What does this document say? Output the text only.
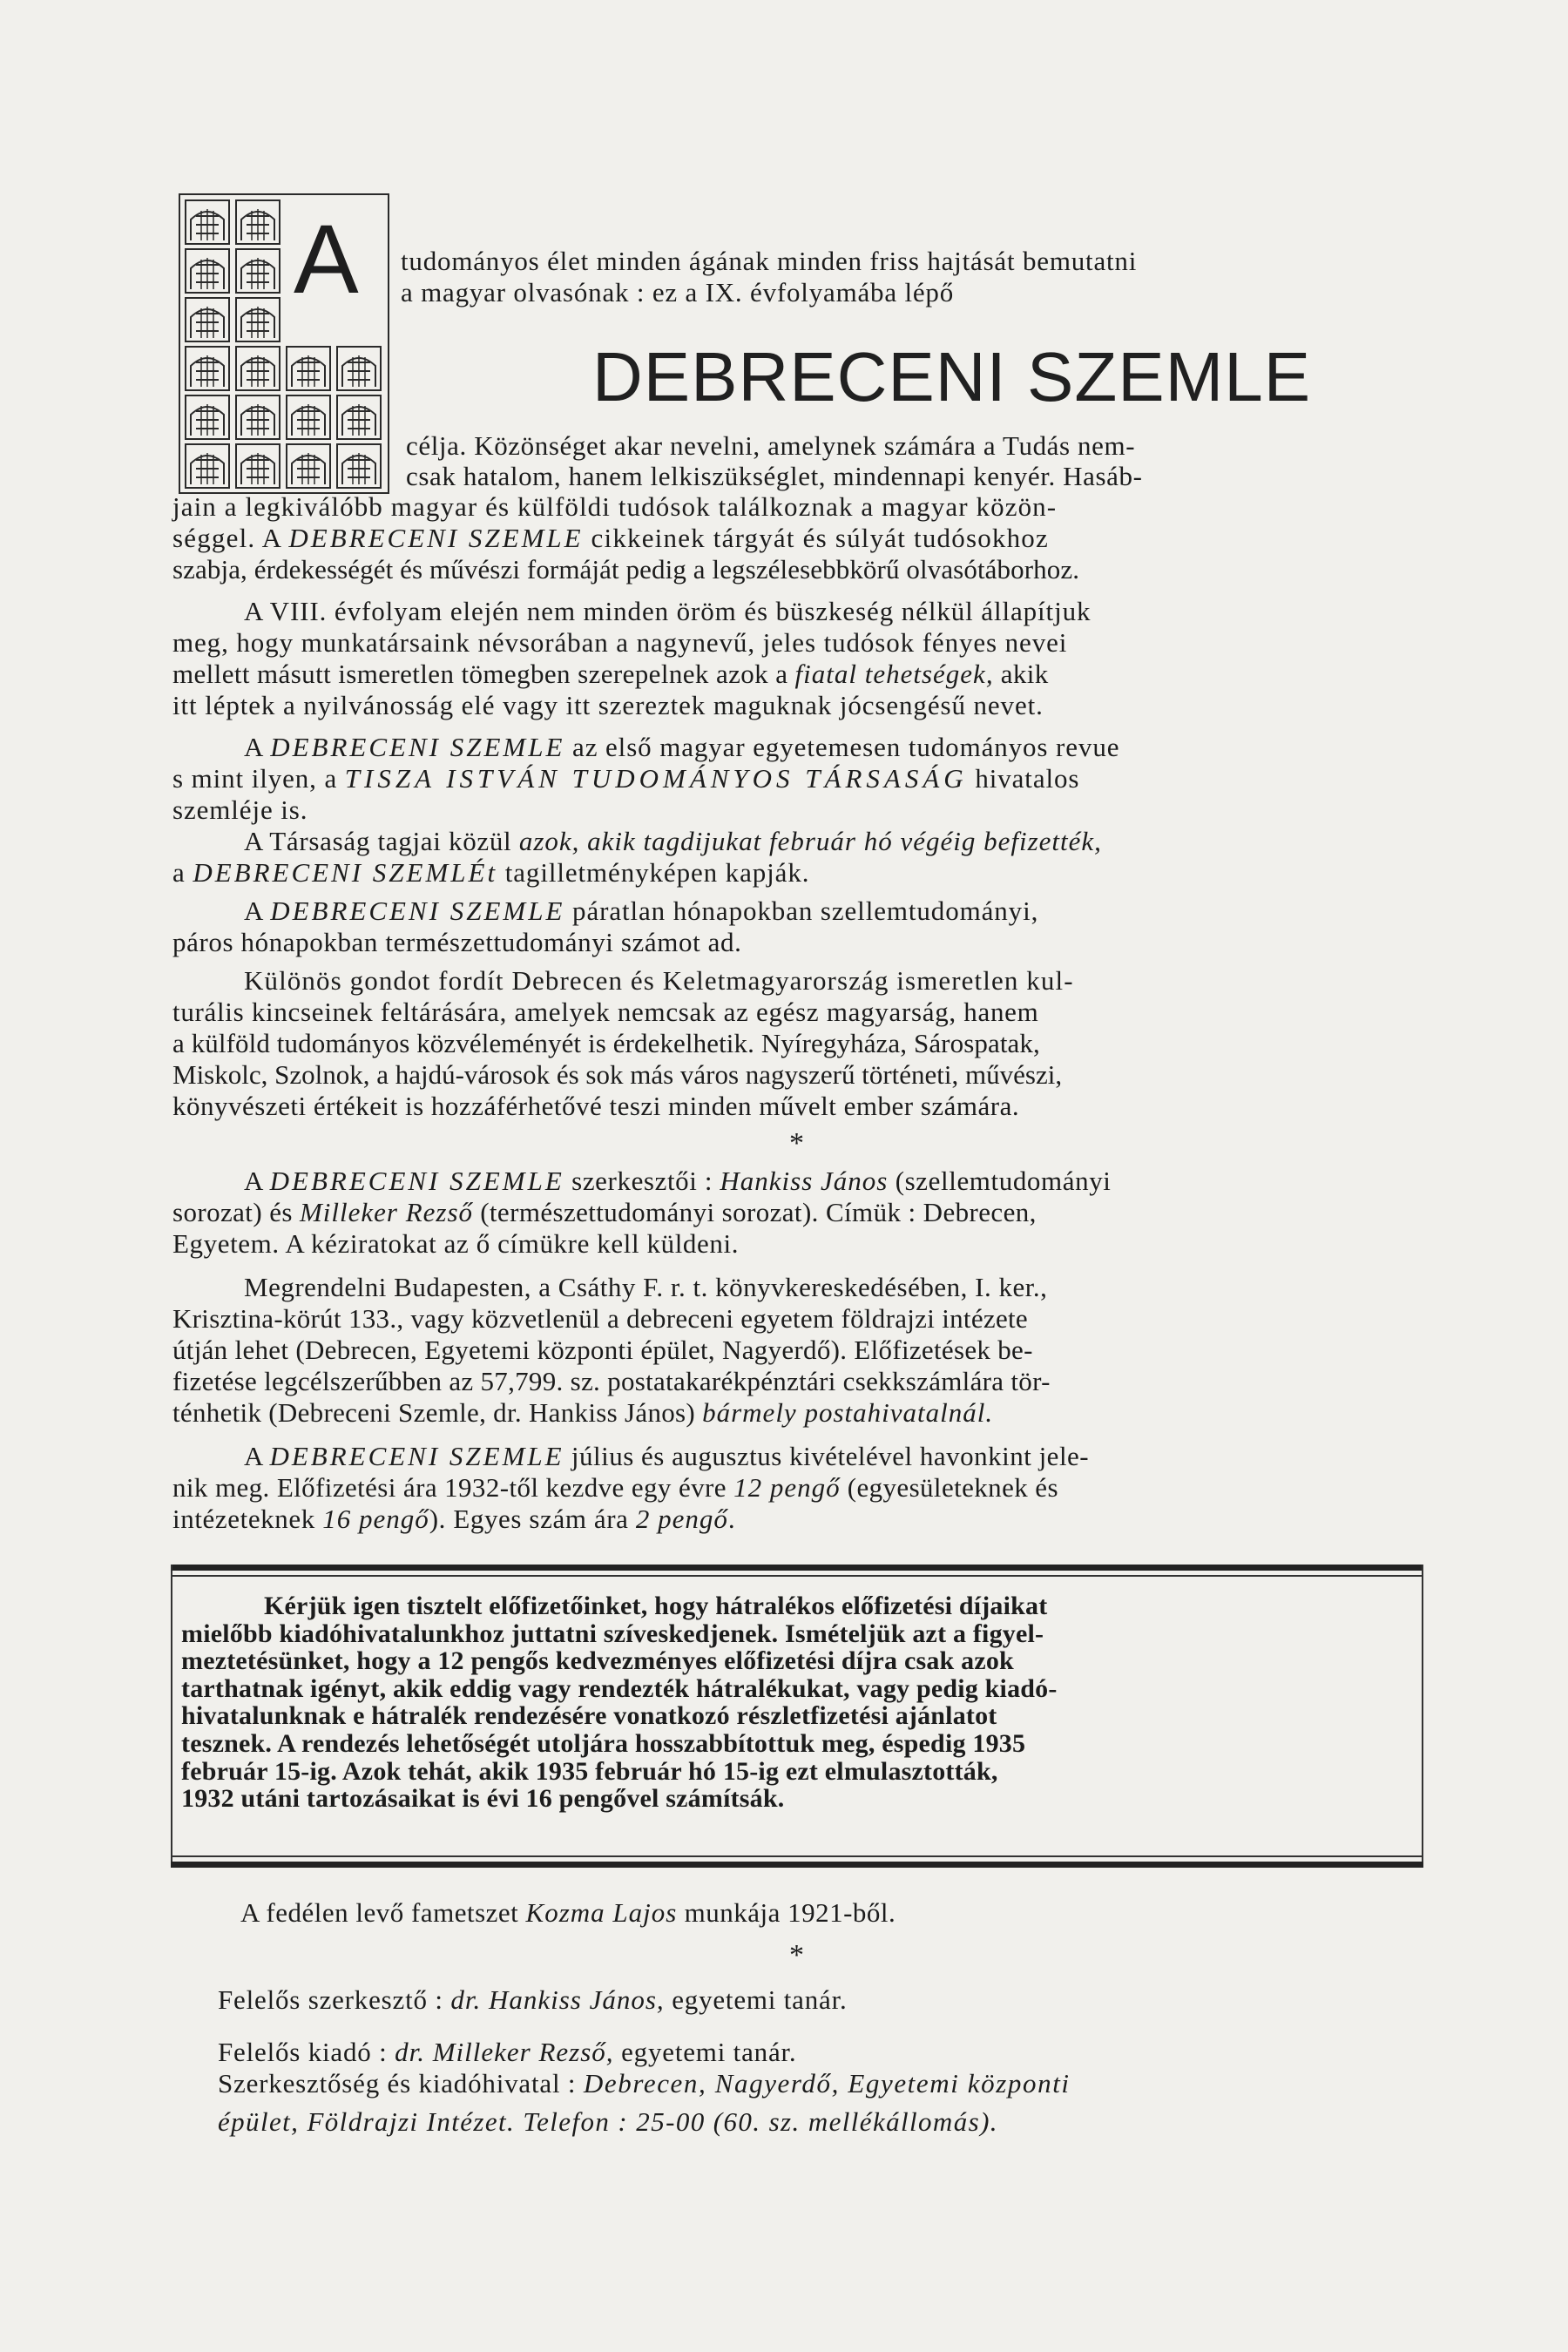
A tudományos élet minden ágának minden friss hajtását bemutatni
a magyar olvasónak : ez a IX. évfolyamába lépő
DEBRECENI SZEMLE
célja. Közönséget akar nevelni, amelynek számára a Tudás nem-
csak hatalom, hanem lelkiszükséglet, mindennapi kenyér. Hasáb-
jain a legkiválóbb magyar és külföldi tudósok találkoznak a magyar közön-
séggel. A DEBRECENI SZEMLE cikkeinek tárgyát és súlyát tudósokhoz
szabja, érdekességét és művészi formáját pedig a legszélesebbkörű olvasótáborhoz.
A VIII. évfolyam elején nem minden öröm és büszkeség nélkül állapítjuk
meg, hogy munkatársaink névsorában a nagynevű, jeles tudósok fényes nevei
mellett másutt ismeretlen tömegben szerepelnek azok a fiatal tehetségek, akik
itt léptek a nyilvánosság elé vagy itt szereztek maguknak jócsengésű nevet.
A DEBRECENI SZEMLE az első magyar egyetemesen tudományos revue
s mint ilyen, a TISZA ISTVÁN TUDOMÁNYOS TÁRSASÁG hivatalos
szemléje is.
A Társaság tagjai közül azok, akik tagdijukat február hó végéig befizették,
a DEBRECENI SZEMLÉt tagilletményképen kapják.
A DEBRECENI SZEMLE páratlan hónapokban szellemtudományi,
páros hónapokban természettudományi számot ad.
Különös gondot fordít Debrecen és Keletmagyarország ismeretlen kul-
turális kincseinek feltárására, amelyek nemcsak az egész magyarság, hanem
a külföld tudományos közvéleményét is érdekelhetik. Nyíregyháza, Sárospatak,
Miskolc, Szolnok, a hajdú-városok és sok más város nagyszerű történeti, művészi,
könyvészeti értékeit is hozzáférhetővé teszi minden művelt ember számára.
*
A DEBRECENI SZEMLE szerkesztői : Hankiss János (szellemtudományi
sorozat) és Milleker Rezső (természettudományi sorozat). Címük : Debrecen,
Egyetem. A kéziratokat az ő címükre kell küldeni.
Megrendelni Budapesten, a Csáthy F. r. t. könyvkereskedésében, I. ker.,
Krisztina-körút 133., vagy közvetlenül a debreceni egyetem földrajzi intézete
útján lehet (Debrecen, Egyetemi központi épület, Nagyerdő). Előfizetések be-
fizetése legcélszerűbben az 57,799. sz. postatakarékpénztári csekkszámlára tör-
ténhetik (Debreceni Szemle, dr. Hankiss János) bármely postahivatalnál.
A DEBRECENI SZEMLE július és augusztus kivételével havonkint jele-
nik meg. Előfizetési ára 1932-től kezdve egy évre 12 pengő (egyesületeknek és
intézeteknek 16 pengő). Egyes szám ára 2 pengő.
Kérjük igen tisztelt előfizetőinket, hogy hátralékos előfizetési díjaikat
mielőbb kiadóhivatalunkhoz juttatni szíveskedjenek. Ismételjük azt a figyel-
meztetésünket, hogy a 12 pengős kedvezményes előfizetési díjra csak azok
tarthatnak igényt, akik eddig vagy rendezték hátralékukat, vagy pedig kiadó-
hivatalunknak e hátralék rendezésére vonatkozó részletfizetési ajánlatot
tesznek. A rendezés lehetőségét utoljára hosszabbítottuk meg, éspedig 1935
február 15-ig. Azok tehát, akik 1935 február hó 15-ig ezt elmulasztották,
1932 utáni tartozásaikat is évi 16 pengővel számítsák.
A fedélen levő fametszet Kozma Lajos munkája 1921-ből.
*
Felelős szerkesztő : dr. Hankiss János, egyetemi tanár.
Felelős kiadó : dr. Milleker Rezső, egyetemi tanár.
Szerkesztőség és kiadóhivatal : Debrecen, Nagyerdő, Egyetemi központi
épület, Földrajzi Intézet. Telefon : 25-00 (60. sz. mellékállomás).
